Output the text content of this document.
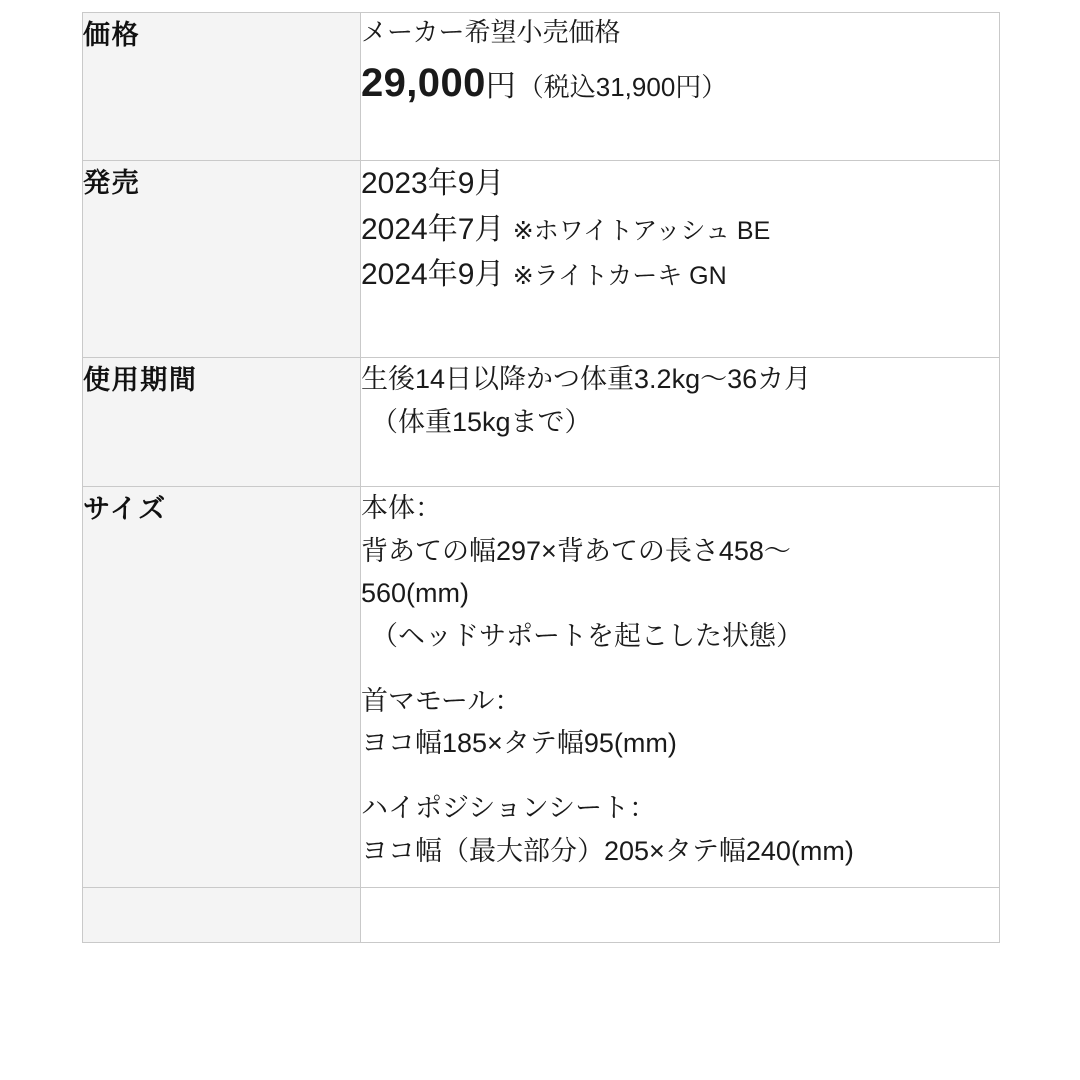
価格	メーカー希望小売価格
29,000円（税込31,900円）

発売	2023年9月
2024年7月 ※ホワイトアッシュ BE
2024年9月 ※ライトカーキ GN

使用期間	生後14日以降かつ体重3.2kg〜36カ月
（体重15kgまで）

サイズ	本体：
背あての幅297×背あての長さ458〜
560(mm)
（ヘッドサポートを起こした状態）
首マモール：
ヨコ幅185×タテ幅95(mm)
ハイポジションシート：
ヨコ幅（最大部分）205×タテ幅240(mm)
